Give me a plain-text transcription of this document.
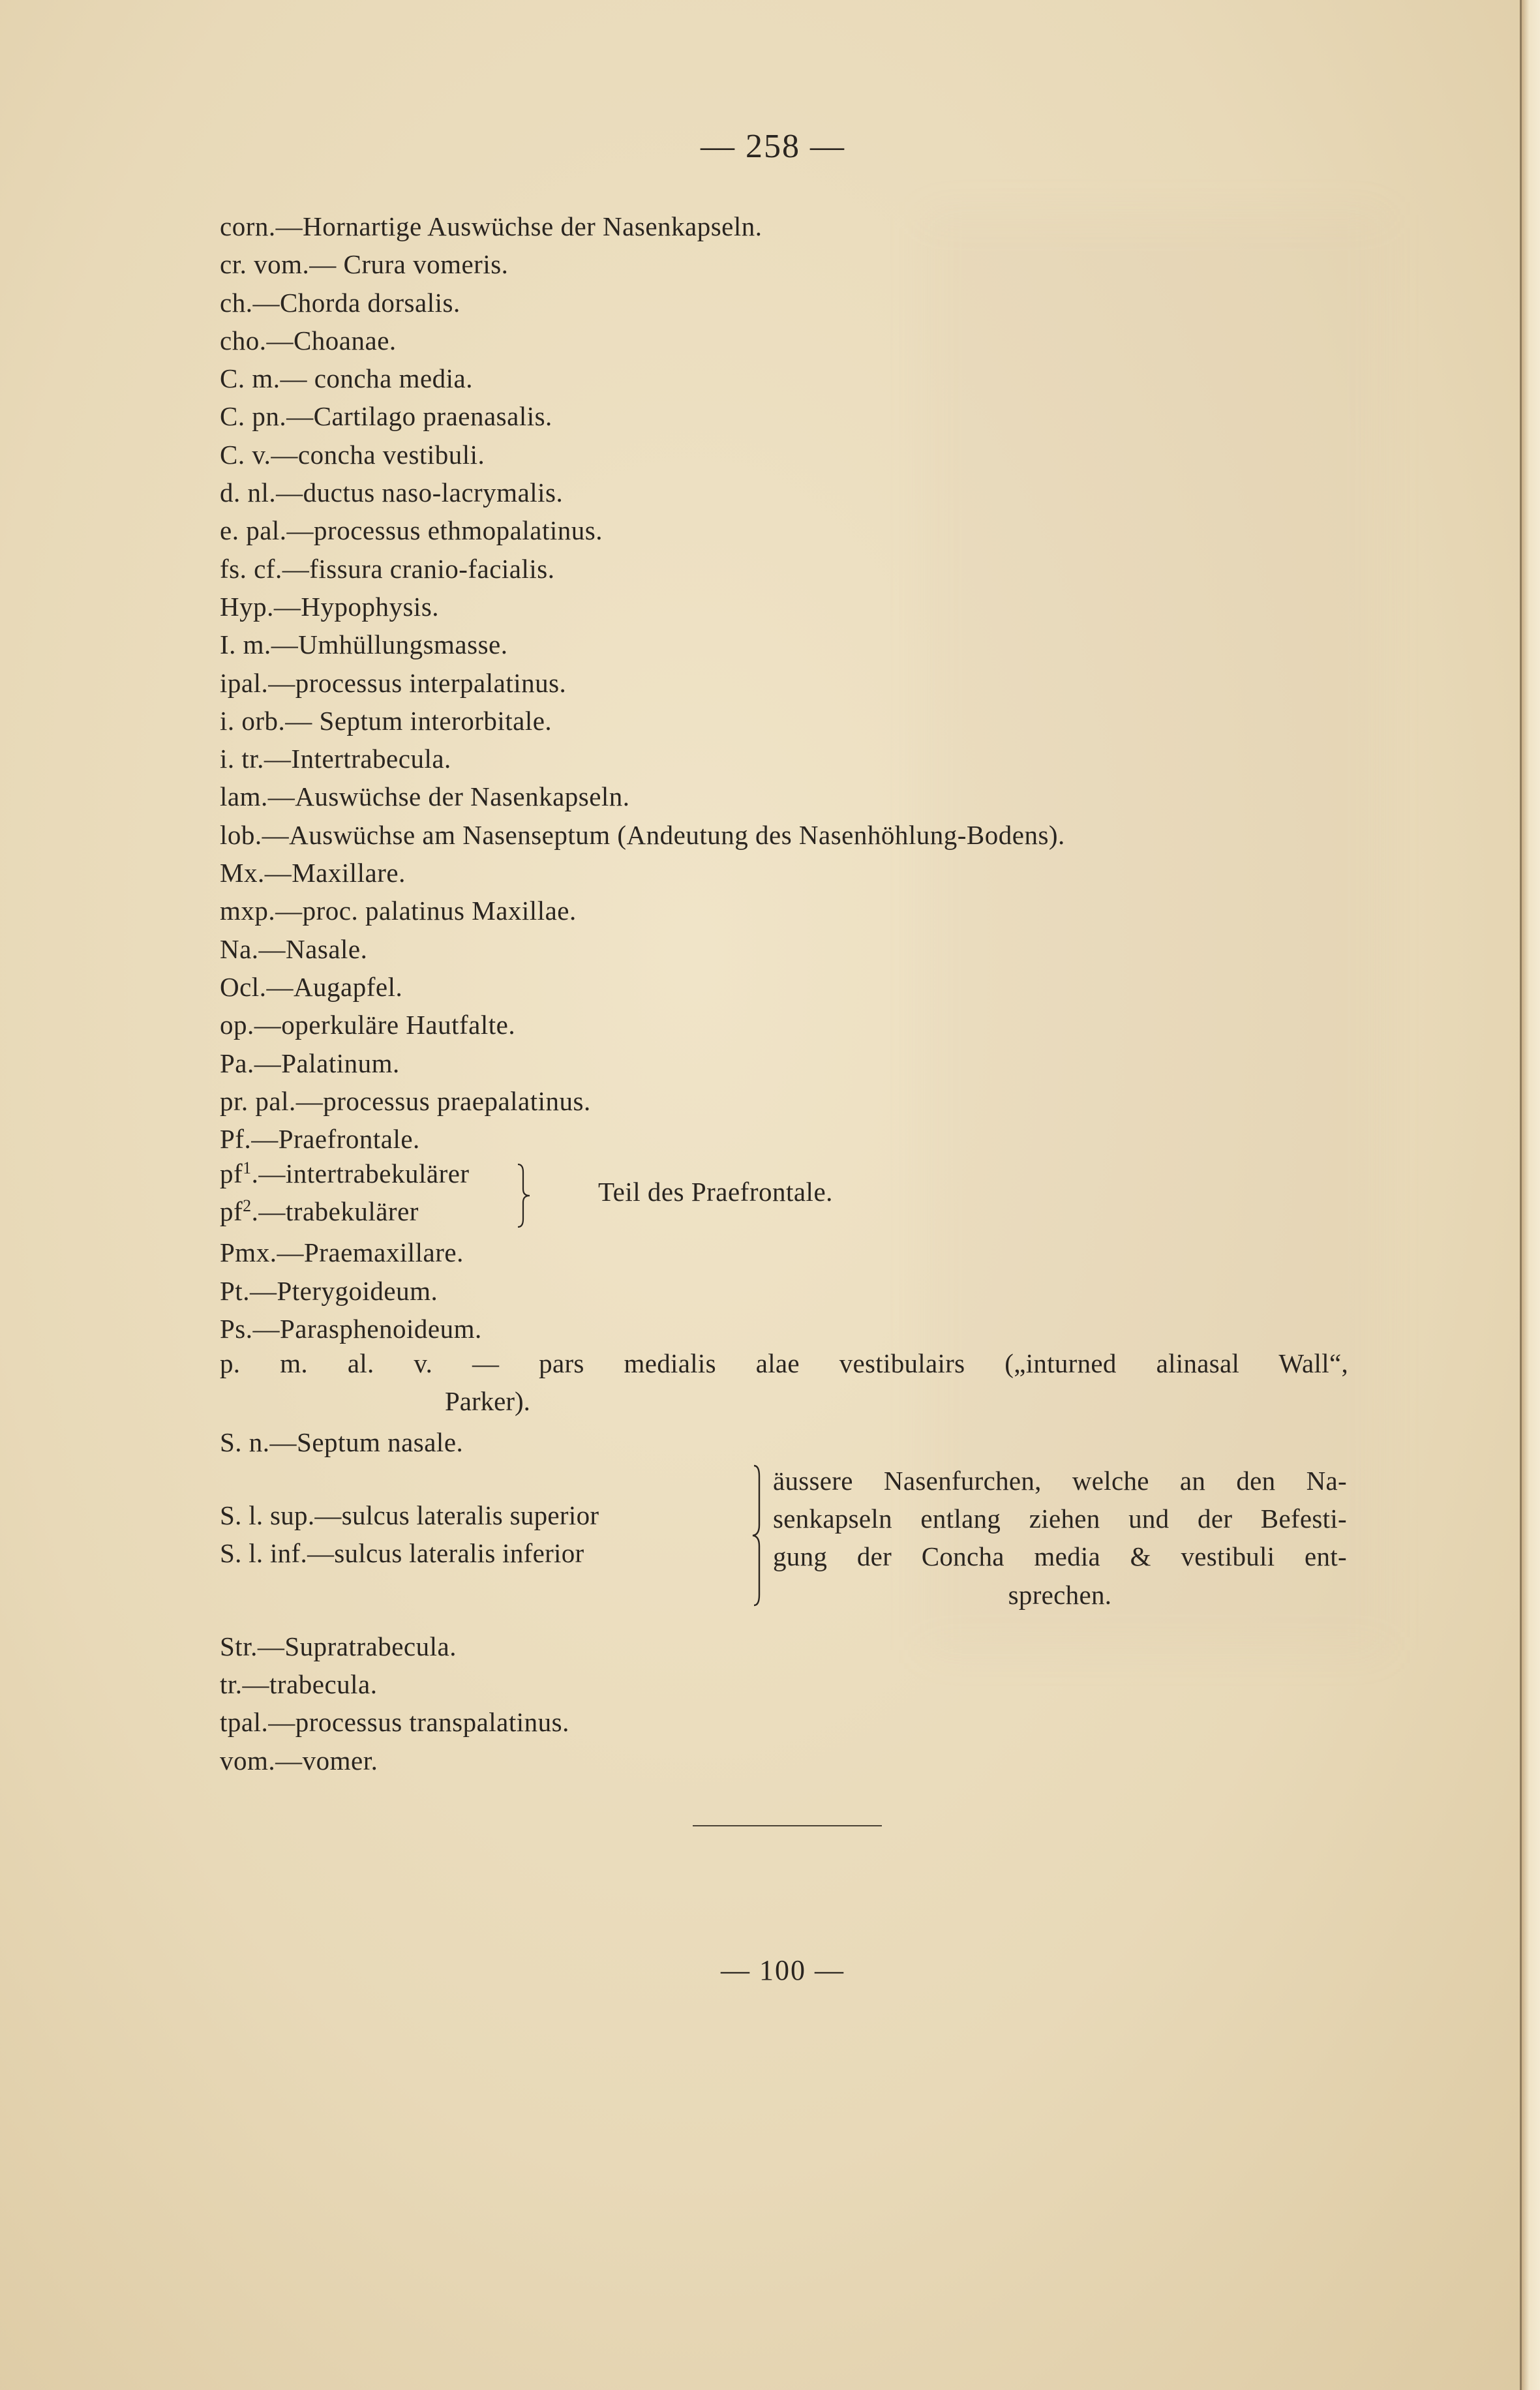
— 258 —
corn.—Hornartige Auswüchse der Nasenkapseln.
cr. vom.— Crura vomeris.
ch.—Chorda dorsalis.
cho.—Choanae.
C. m.— concha media.
C. pn.—Cartilago praenasalis.
C. v.—concha vestibuli.
d. nl.—ductus naso-lacrymalis.
e. pal.—processus ethmopalatinus.
fs. cf.—fissura cranio-facialis.
Hyp.—Hypophysis.
I. m.—Umhüllungsmasse.
ipal.—processus interpalatinus.
i. orb.— Septum interorbitale.
i. tr.—Intertrabecula.
lam.—Auswüchse der Nasenkapseln.
lob.—Auswüchse am Nasenseptum (Andeutung des Nasenhöhlung-Bodens).
Mx.—Maxillare.
mxp.—proc. palatinus Maxillae.
Na.—Nasale.
Ocl.—Augapfel.
op.—operkuläre Hautfalte.
Pa.—Palatinum.
pr. pal.—processus praepalatinus.
Pf.—Praefrontale.
$pf^1.—intertrabekulärer$
$pf^2.—trabekulärer$
Teil des Praefrontale.
Pmx.—Praemaxillare.
Pt.—Pterygoideum.
Ps.—Parasphenoideum.
p. m. al. v. — pars medialis alae vestibulairs („inturned alinasal Wall“,
Parker).
S. n.—Septum nasale.
S. l. sup.—sulcus lateralis superior
S. l. inf.—sulcus lateralis inferior
äussere Nasenfurchen, welche an den Na-
senkapseln entlang ziehen und der Befesti-
gung der Concha media & vestibuli ent-
sprechen.
Str.—Supratrabecula.
tr.—trabecula.
tpal.—processus transpalatinus.
vom.—vomer.
— 100 —
